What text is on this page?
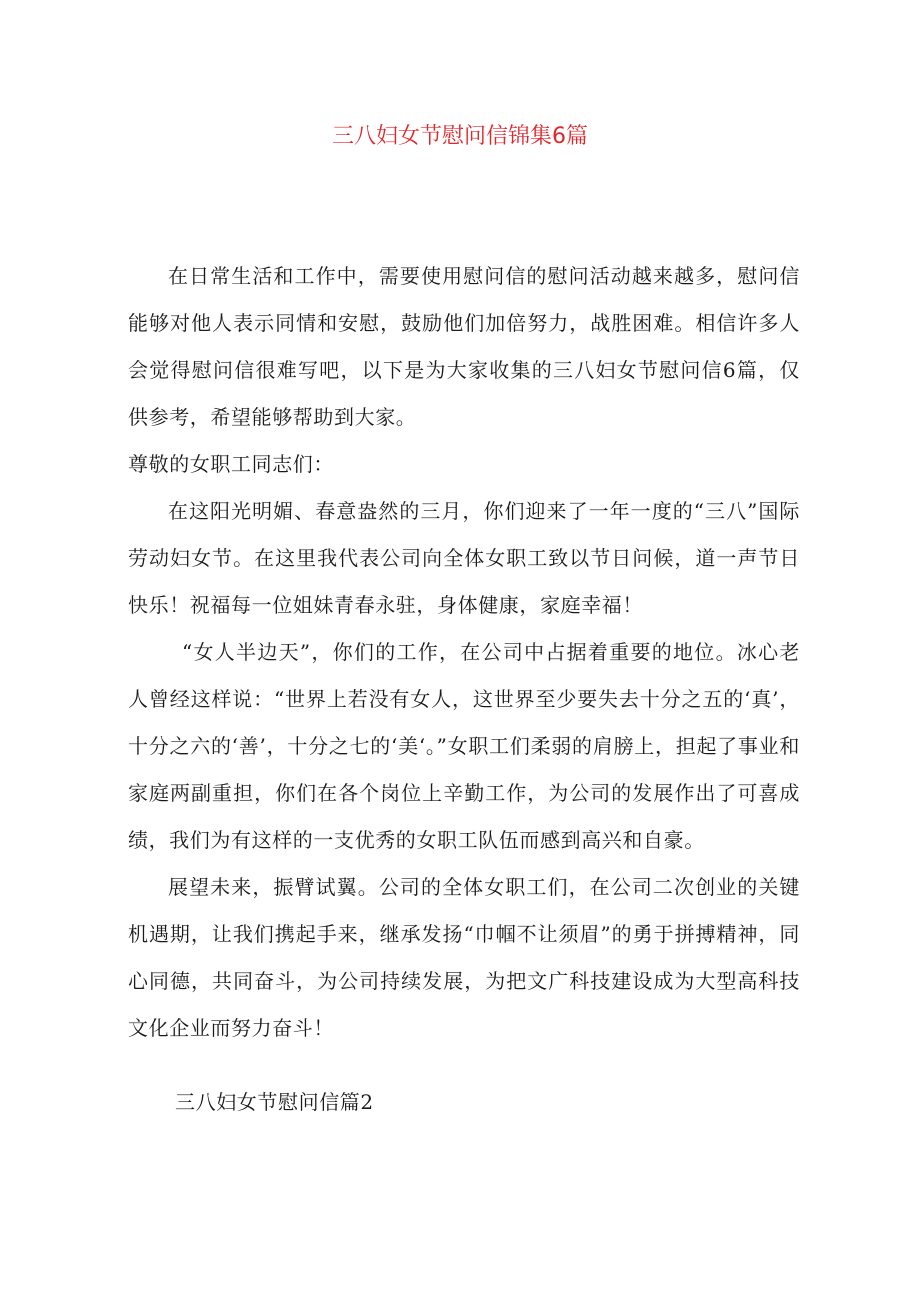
三八妇女节慰问信锦集6篇

在日常生活和工作中，需要使用慰问信的慰问活动越来越多，慰问信能够对他人表示同情和安慰，鼓励他们加倍努力，战胜困难。相信许多人会觉得慰问信很难写吧，以下是为大家收集的三八妇女节慰问信6篇，仅供参考，希望能够帮助到大家。

尊敬的女职工同志们：

在这阳光明媚、春意盎然的三月，你们迎来了一年一度的“三八”国际劳动妇女节。在这里我代表公司向全体女职工致以节日问候，道一声节日快乐！祝福每一位姐妹青春永驻，身体健康，家庭幸福！

“女人半边天”，你们的工作，在公司中占据着重要的地位。冰心老人曾经这样说：“世界上若没有女人，这世界至少要失去十分之五的‘真’，十分之六的‘善’，十分之七的‘美‘。”女职工们柔弱的肩膀上，担起了事业和家庭两副重担，你们在各个岗位上辛勤工作，为公司的发展作出了可喜成绩，我们为有这样的一支优秀的女职工队伍而感到高兴和自豪。

展望未来，振臂试翼。公司的全体女职工们，在公司二次创业的关键机遇期，让我们携起手来，继承发扬“巾帼不让须眉”的勇于拼搏精神，同心同德，共同奋斗，为公司持续发展，为把文广科技建设成为大型高科技文化企业而努力奋斗！

三八妇女节慰问信篇2
